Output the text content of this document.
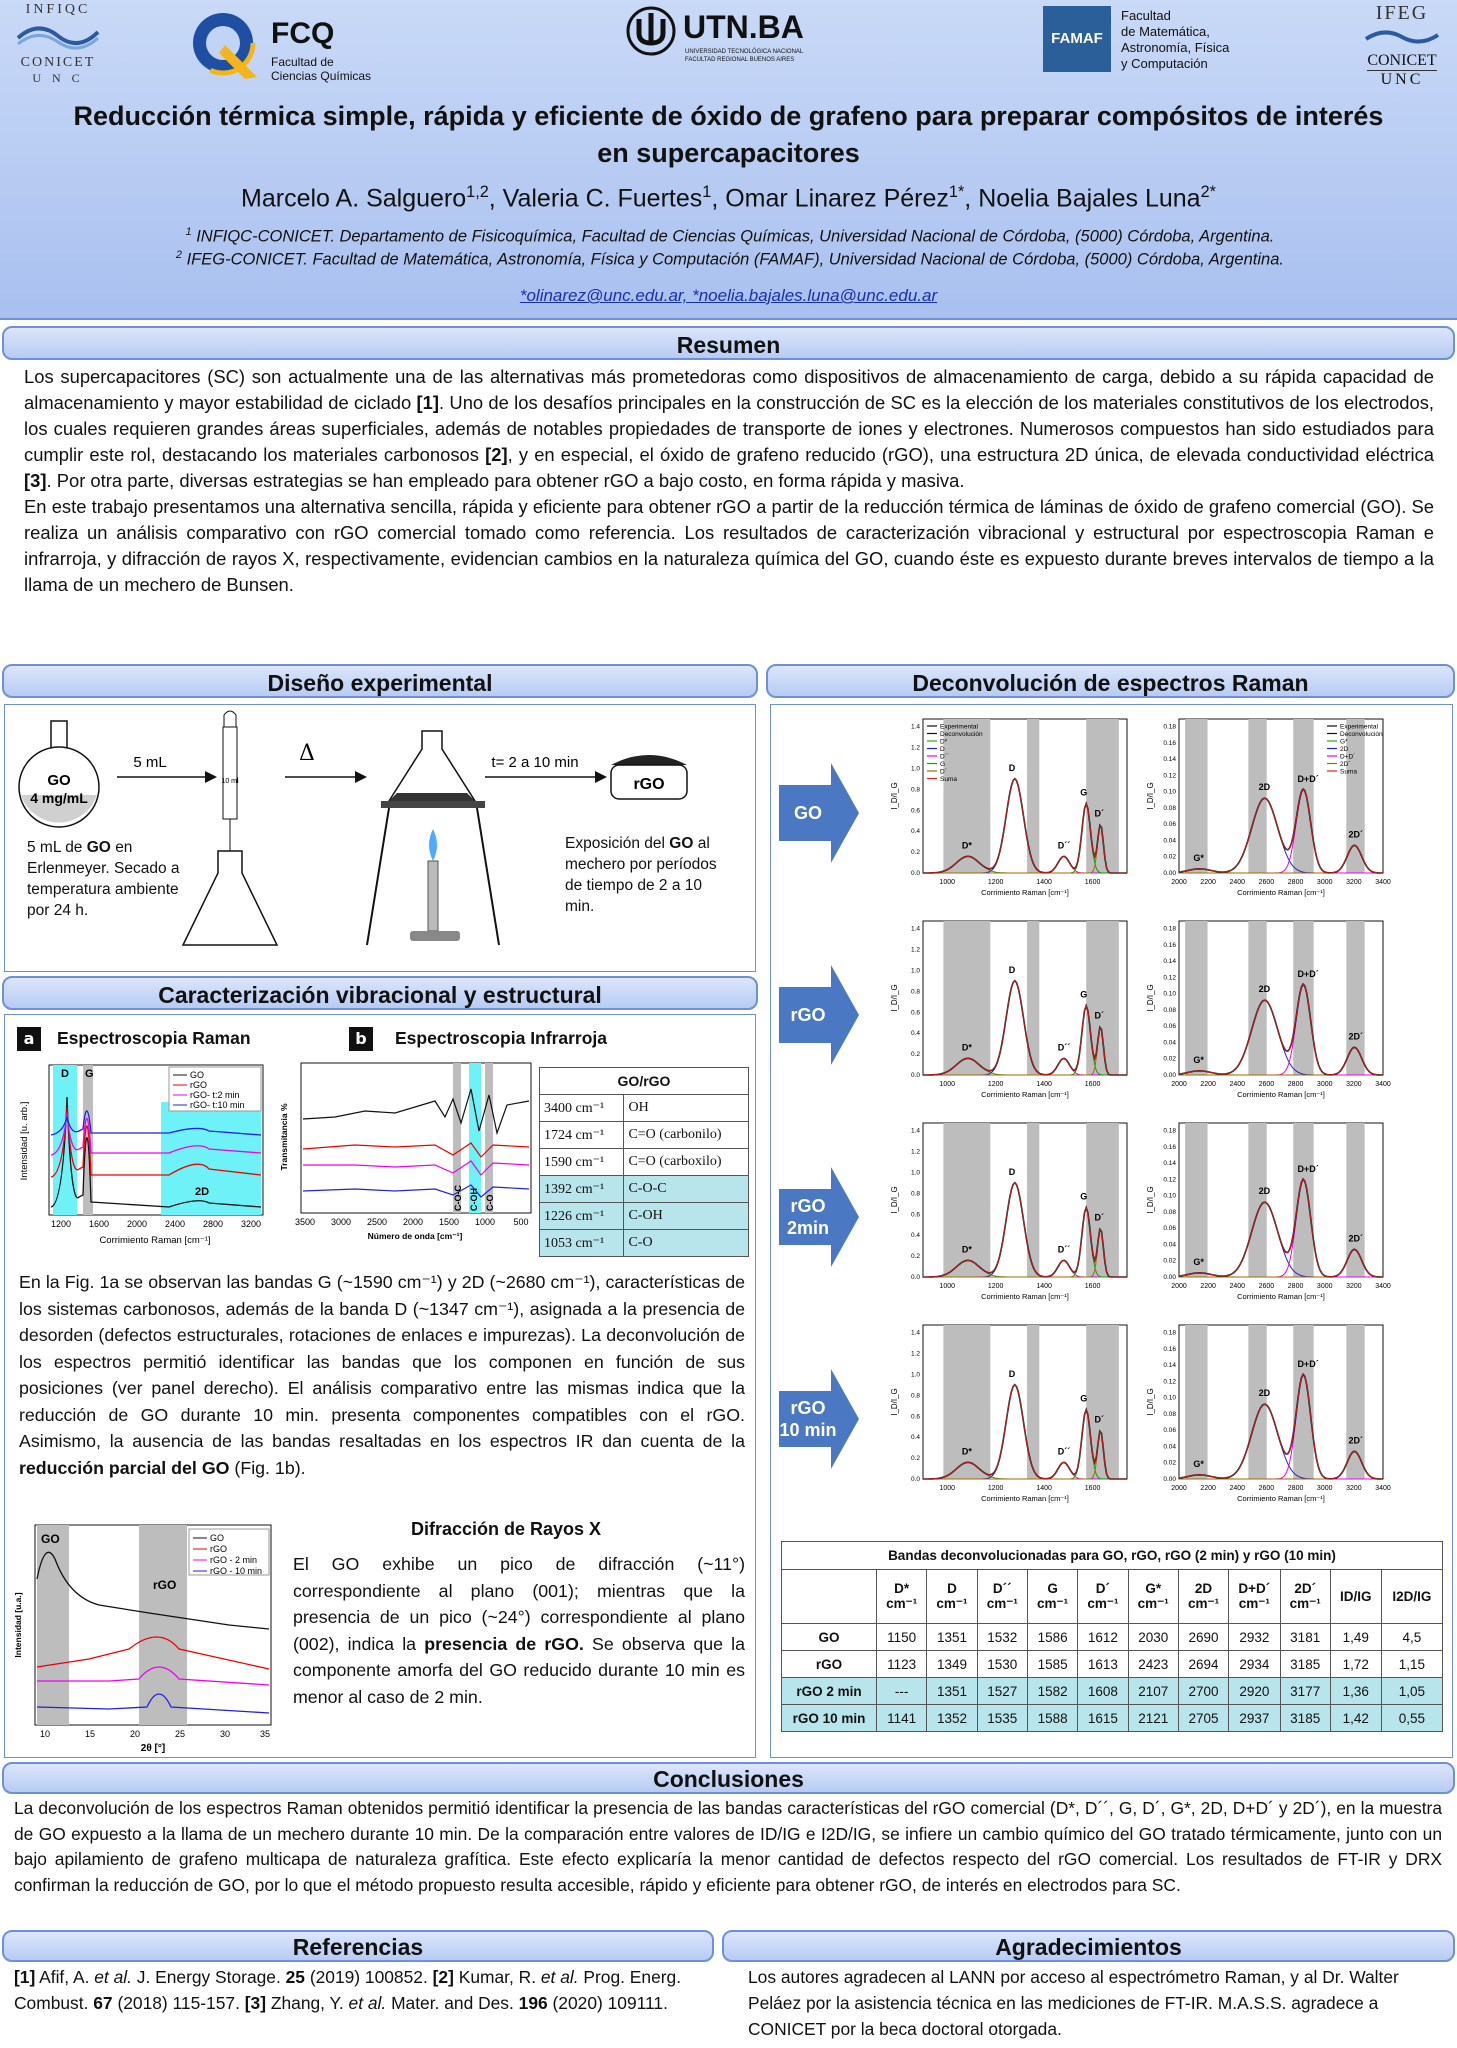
INFIQC
CONICET
U N C
FCQ
Facultad de
Ciencias Químicas
UTN.BA
UNIVERSIDAD TECNOLÓGICA NACIONAL
FACULTAD REGIONAL BUENOS AIRES
FAMAF
Facultad
de Matemática,
Astronomía, Física
y Computación
IFEG
CONICET
UNC
Reducción térmica simple, rápida y eficiente de óxido de grafeno para preparar compósitos de interés
en supercapacitores
Marcelo A. Salguero$^{1,2}$, Valeria C. Fuertes$^1$, Omar Linarez Pérez$^{1*}$, Noelia Bajales Luna$^{2*}$
$^1$ INFIQC-CONICET. Departamento de Fisicoquímica, Facultad de Ciencias Químicas, Universidad Nacional de Córdoba, (5000) Córdoba, Argentina.
$^2$ IFEG-CONICET. Facultad de Matemática, Astronomía, Física y Computación (FAMAF), Universidad Nacional de Córdoba, (5000) Córdoba, Argentina.
*olinarez@unc.edu.ar, *noelia.bajales.luna@unc.edu.ar
Resumen
Los supercapacitores (SC) son actualmente una de las alternativas más prometedoras como dispositivos de almacenamiento de carga, debido a su rápida capacidad de almacenamiento y mayor estabilidad de ciclado [1]. Uno de los desafíos principales en la construcción de SC es la elección de los materiales constitutivos de los electrodos, los cuales requieren grandes áreas superficiales, además de notables propiedades de transporte de iones y electrones. Numerosos compuestos han sido estudiados para cumplir este rol, destacando los materiales carbonosos [2], y en especial, el óxido de grafeno reducido (rGO), una estructura 2D única, de elevada conductividad eléctrica [3]. Por otra parte, diversas estrategias se han empleado para obtener rGO a bajo costo, en forma rápida y masiva.
En este trabajo presentamos una alternativa sencilla, rápida y eficiente para obtener rGO a partir de la reducción térmica de láminas de óxido de grafeno comercial (GO). Se realiza un análisis comparativo con rGO comercial tomado como referencia. Los resultados de caracterización vibracional y estructural por espectroscopia Raman e infrarroja, y difracción de rayos X, respectivamente, evidencian cambios en la naturaleza química del GO, cuando éste es expuesto durante breves intervalos de tiempo a la llama de un mechero de Bunsen.
Diseño experimental
GO
4 mg/mL
5 mL
10 ml
Δ	t= 2 a 10 min
rGO
5 mL de GO en Erlenmeyer. Secado a temperatura ambiente por 24 h.
Exposición del GO al mechero por períodos de tiempo de 2 a 10 min.
Caracterización vibracional y estructural
a	Espectroscopia Raman	b	Espectroscopia Infrarroja
D G
2D
GO
rGO
rGO- t:2 min
rGO- t:10 min
1200 1600 2000 2400 2800 3200
Corrimiento Raman [cm⁻¹]
Intensidad [u. arb.]
C-O-C C-OH C-O
3500 3000 2500 2000 1500 1000 500
Número de onda [cm⁻¹]
Transmitancia %
GO/rGO	
3400 cm⁻¹	OH
1724 cm⁻¹	C=O (carbonilo)
1590 cm⁻¹	C=O (carboxilo)
1392 cm⁻¹	C-O-C
1226 cm⁻¹	C-OH
1053 cm⁻¹	C-O
En la Fig. 1a se observan las bandas G (~1590 cm⁻¹) y 2D (~2680 cm⁻¹), características de los sistemas carbonosos, además de la banda D (~1347 cm⁻¹), asignada a la presencia de desorden (defectos estructurales, rotaciones de enlaces e impurezas). La deconvolución de los espectros permitió identificar las bandas que los componen en función de sus posiciones (ver panel derecho). El análisis comparativo entre las mismas indica que la reducción de GO durante 10 min. presenta componentes compatibles con el rGO. Asimismo, la ausencia de las bandas resaltadas en los espectros IR dan cuenta de la reducción parcial del GO (Fig. 1b).
GO
rGO
GO
rGO
rGO - 2 min
rGO - 10 min
10	15	20	25	30	35
2θ [°]
Intensidad [u.a.]
Difracción de Rayos X
El GO exhibe un pico de difracción (~11°) correspondiente al plano (001); mientras que la presencia de un pico (~24°) correspondiente al plano (002), indica la presencia de rGO. Se observa que la componente amorfa del GO reducido durante 10 min es menor al caso de 2 min.
Deconvolución de espectros Raman
GO
D*
D
D´´
G
D´
1000	1200	1400	1600
0.0
0.2
0.4
0.6
0.8
1.0
1.2
1.4
Corrimiento Raman [cm⁻¹]
I_D/I_G
Experimental
Deconvolución
D*
D
D´´
G
D´
Suma
G*
2D
D+D´
2D´
2000 2200 2400 2600 2800 3000 3200 3400
0.00
0.02
0.04
0.06
0.08
0.10
0.12
0.14
0.16
0.18
Corrimiento Raman [cm⁻¹]
I_D/I_G
Experimental
Deconvolución
G*
2D
D+D´
2D´
Suma
rGO
D*
D
D´´
G
D´
1000	1200	1400	1600
0.0
0.2
0.4
0.6
0.8
1.0
1.2
1.4
Corrimiento Raman [cm⁻¹]
I_D/I_G
G*
2D
D+D´
2D´
2000 2200 2400 2600 2800 3000 3200 3400
0.00
0.02
0.04
0.06
0.08
0.10
0.12
0.14
0.16
0.18
Corrimiento Raman [cm⁻¹]
I_D/I_G
rGO 2min
D*
D
D´´
G
D´
1000	1200	1400	1600
0.0
0.2
0.4
0.6
0.8
1.0
1.2
1.4
Corrimiento Raman [cm⁻¹]
I_D/I_G
G*
2D
D+D´
2D´
2000 2200 2400 2600 2800 3000 3200 3400
0.00
0.02
0.04
0.06
0.08
0.10
0.12
0.14
0.16
0.18
Corrimiento Raman [cm⁻¹]
I_D/I_G
rGO 10 min
D*
D
D´´
G
D´
1000	1200	1400	1600
0.0
0.2
0.4
0.6
0.8
1.0
1.2
1.4
Corrimiento Raman [cm⁻¹]
I_D/I_G
G*
2D
D+D´
2D´
2000 2200 2400 2600 2800 3000 3200 3400
0.00
0.02
0.04
0.06
0.08
0.10
0.12
0.14
0.16
0.18
Corrimiento Raman [cm⁻¹]
I_D/I_G
Bandas deconvolucionadas para GO, rGO, rGO (2 min) y rGO (10 min)
	D*
cm⁻¹	D
cm⁻¹	D´´
cm⁻¹	G
cm⁻¹	D´
cm⁻¹	G*
cm⁻¹	2D
cm⁻¹	D+D´
cm⁻¹	2D´
cm⁻¹	ID/IG	I2D/IG
GO	1150	1351	1532	1586	1612	2030	2690	2932	3181	1,49	4,5
rGO	1123	1349	1530	1585	1613	2423	2694	2934	3185	1,72	1,15
rGO 2 min	---	1351	1527	1582	1608	2107	2700	2920	3177	1,36	1,05
rGO 10 min	1141	1352	1535	1588	1615	2121	2705	2937	3185	1,42	0,55
Conclusiones
La deconvolución de los espectros Raman obtenidos permitió identificar la presencia de las bandas características del rGO comercial (D*, D´´, G, D´, G*, 2D, D+D´ y 2D´), en la muestra de GO expuesto a la llama de un mechero durante 10 min. De la comparación entre valores de ID/IG e I2D/IG, se infiere un cambio químico del GO tratado térmicamente, junto con un bajo apilamiento de grafeno multicapa de naturaleza grafítica. Este efecto explicaría la menor cantidad de defectos respecto del rGO comercial. Los resultados de FT-IR y DRX confirman la reducción de GO, por lo que el método propuesto resulta accesible, rápido y eficiente para obtener rGO, de interés en electrodos para SC.
Referencias
[1] Afif, A. et al. J. Energy Storage. 25 (2019) 100852. [2] Kumar, R. et al. Prog. Energ. Combust. 67 (2018) 115-157. [3] Zhang, Y. et al. Mater. and Des. 196 (2020) 109111.
Agradecimientos
Los autores agradecen al LANN por acceso al espectrómetro Raman, y al Dr. Walter Peláez por la asistencia técnica en las mediciones de FT-IR. M.A.S.S. agradece a CONICET por la beca doctoral otorgada.
